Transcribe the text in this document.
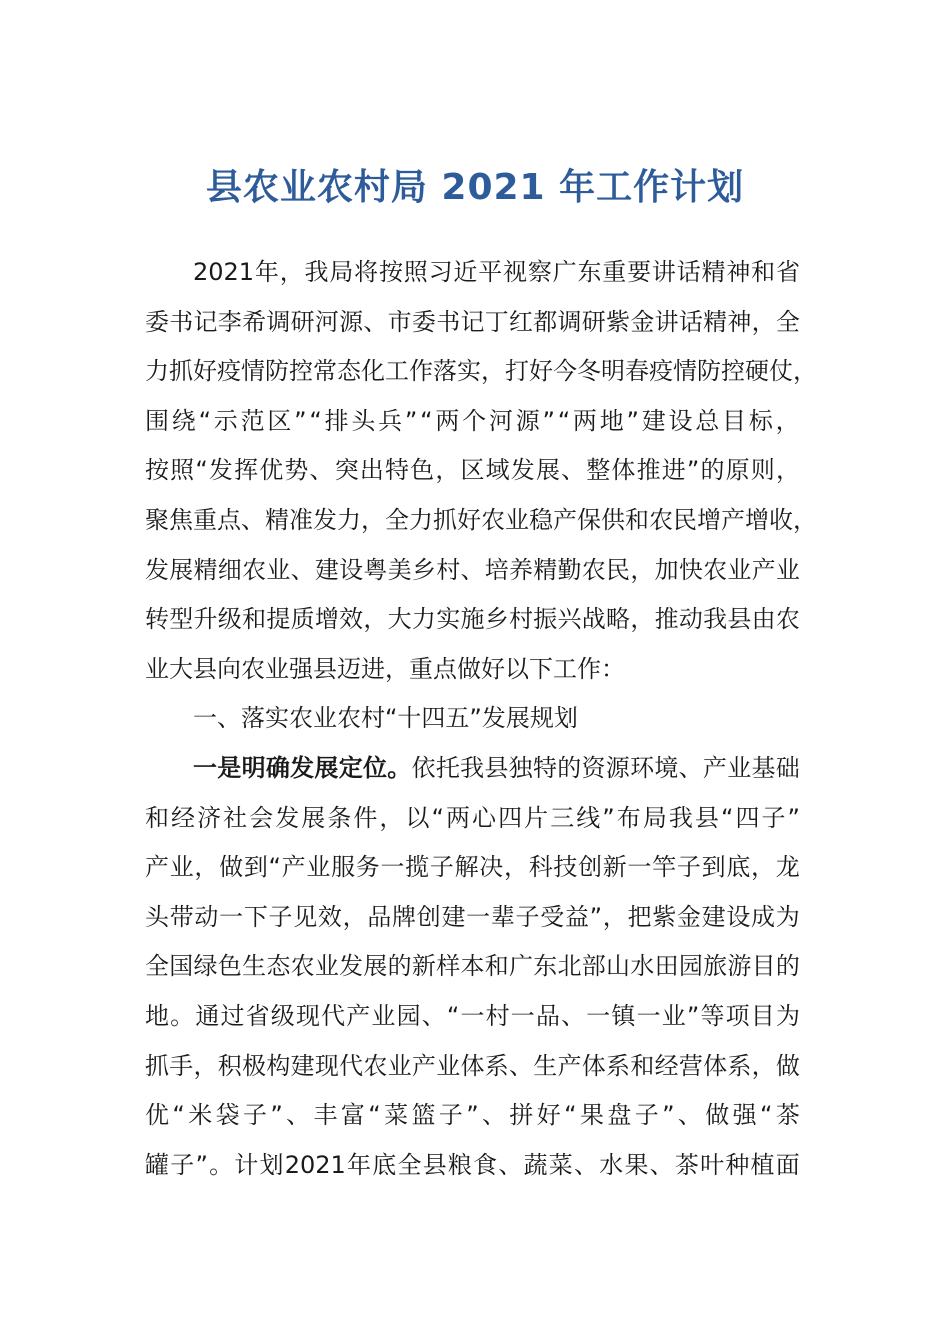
县农业农村局 2021 年工作计划
2021 年 ， 我 局 将 按 照 习 近 平 视 察 广 东 重 要 讲 话 精 神 和 省
委 书 记 李 希 调 研 河 源 、 市 委 书 记 丁 红 都 调 研 紫 金 讲 话 精 神 ， 全
力 抓 好 疫 情 防 控 常 态 化 工 作 落 实 ， 打 好 今 冬 明 春 疫 情 防 控 硬 仗 ，
围 绕 “ 示 范 区 ” “ 排 头 兵 ” “ 两 个 河 源 ” “ 两 地 ” 建 设 总 目 标 ，
按 照 “ 发 挥 优 势 、 突 出 特 色 ， 区 域 发 展 、 整 体 推 进 ” 的 原 则 ，
聚 焦 重 点 、 精 准 发 力 ， 全 力 抓 好 农 业 稳 产 保 供 和 农 民 增 产 增 收 ，
发 展 精 细 农 业 、 建 设 粤 美 乡 村 、 培 养 精 勤 农 民 ， 加 快 农 业 产 业
转 型 升 级 和 提 质 增 效 ， 大 力 实 施 乡 村 振 兴 战 略 ， 推 动 我 县 由 农
业大县向农业强县迈进，重点做好以下工作：
一、落实农业农村“十四五”发展规划
一 是 明 确 发 展 定 位 。 依 托 我 县 独 特 的 资 源 环 境 、 产 业 基 础
和 经 济 社 会 发 展 条 件 ， 以 “ 两 心 四 片 三 线 ” 布 局 我 县 “ 四 子 ”
产 业 ， 做 到 “ 产 业 服 务 一 揽 子 解 决 ， 科 技 创 新 一 竿 子 到 底 ， 龙
头 带 动 一 下 子 见 效 ， 品 牌 创 建 一 辈 子 受 益 ” ， 把 紫 金 建 设 成 为
全 国 绿 色 生 态 农 业 发 展 的 新 样 本 和 广 东 北 部 山 水 田 园 旅 游 目 的
地 。 通 过 省 级 现 代 产 业 园 、 “ 一 村 一 品 、 一 镇 一 业 ” 等 项 目 为
抓 手 ， 积 极 构 建 现 代 农 业 产 业 体 系 、 生 产 体 系 和 经 营 体 系 ， 做
优 “ 米 袋 子 ” 、 丰 富 “ 菜 篮 子 ” 、 拼 好 “ 果 盘 子 ” 、 做 强 “ 茶
罐 子 ” 。 计 划 2021 年 底 全 县 粮 食 、 蔬 菜 、 水 果 、 茶 叶 种 植 面
